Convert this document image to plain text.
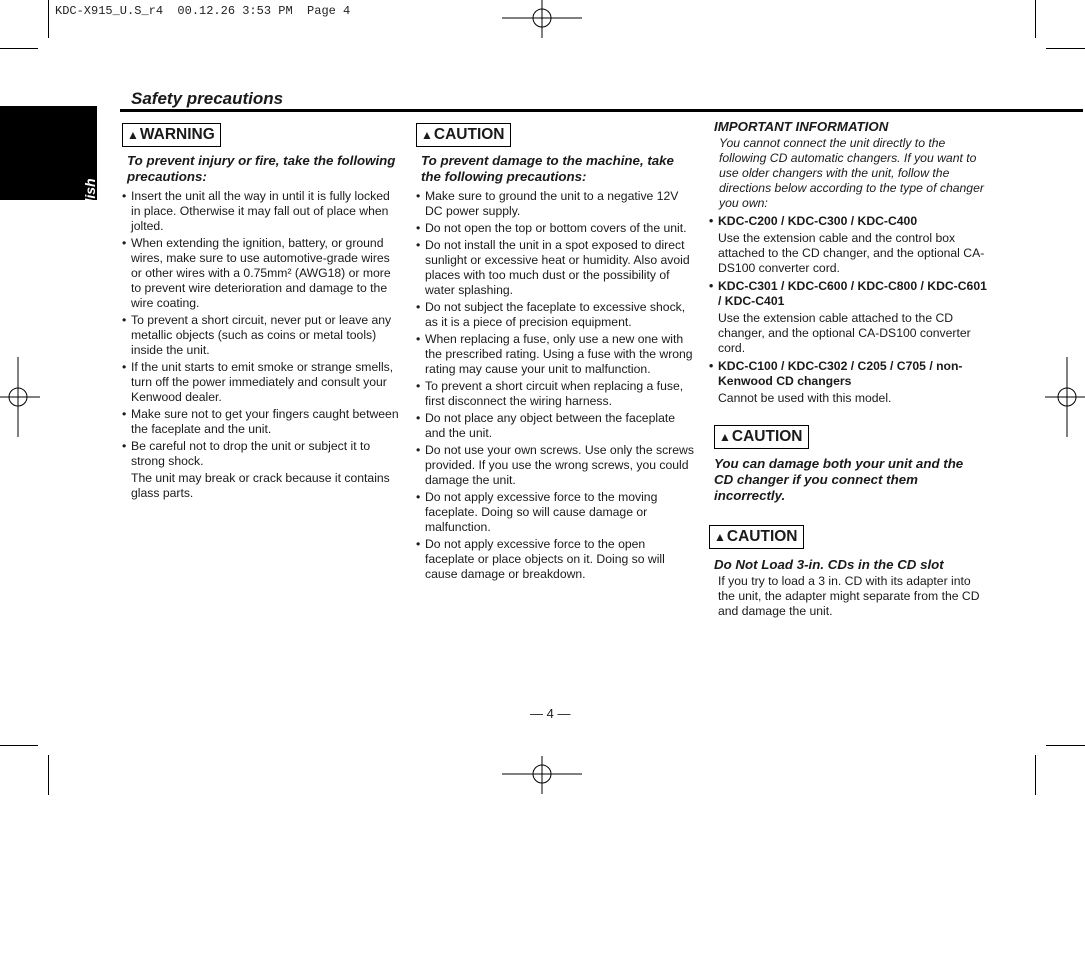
KDC-X915_U.S_r4  00.12.26 3:53 PM  Page 4
English
Safety precautions
▲WARNING
To prevent injury or fire, take the following precautions:
• Insert the unit all the way in until it is fully locked in place. Otherwise it may fall out of place when jolted.
• When extending the ignition, battery, or ground wires, make sure to use automotive-grade wires or other wires with a 0.75mm² (AWG18) or more to prevent wire deterioration and damage to the wire coating.
• To prevent a short circuit, never put or leave any metallic objects (such as coins or metal tools) inside the unit.
• If the unit starts to emit smoke or strange smells, turn off the power immediately and consult your Kenwood dealer.
• Make sure not to get your fingers caught between the faceplate and the unit.
• Be careful not to drop the unit or subject it to strong shock.
The unit may break or crack because it contains glass parts.
▲CAUTION
To prevent damage to the machine, take the following precautions:
• Make sure to ground the unit to a negative 12V DC power supply.
• Do not open the top or bottom covers of the unit.
• Do not install the unit in a spot exposed to direct sunlight or excessive heat or humidity. Also avoid places with too much dust or the possibility of water splashing.
• Do not subject the faceplate to excessive shock, as it is a piece of precision equipment.
• When replacing a fuse, only use a new one with the prescribed rating. Using a fuse with the wrong rating may cause your unit to malfunction.
• To prevent a short circuit when replacing a fuse, first disconnect the wiring harness.
• Do not place any object between the faceplate and the unit.
• Do not use your own screws. Use only the screws provided. If you use the wrong screws, you could damage the unit.
• Do not apply excessive force to the moving faceplate. Doing so will cause damage or malfunction.
• Do not apply excessive force to the open faceplate or place objects on it. Doing so will cause damage or breakdown.
IMPORTANT INFORMATION
You cannot connect the unit directly to the following CD automatic changers. If you want to use older changers with the unit, follow the directions below according to the type of changer you own:
• KDC-C200 / KDC-C300 / KDC-C400
Use the extension cable and the control box attached to the CD changer, and the optional CA-DS100 converter cord.
• KDC-C301 / KDC-C600 / KDC-C800 / KDC-C601 / KDC-C401
Use the extension cable attached to the CD changer, and the optional CA-DS100 converter cord.
• KDC-C100 / KDC-C302 / C205 / C705 / non-Kenwood CD changers
Cannot be used with this model.
▲CAUTION
You can damage both your unit and the CD changer if you connect them incorrectly.
▲CAUTION
Do Not Load 3-in. CDs in the CD slot
If you try to load a 3 in. CD with its adapter into the unit, the adapter might separate from the CD and damage the unit.
— 4 —
